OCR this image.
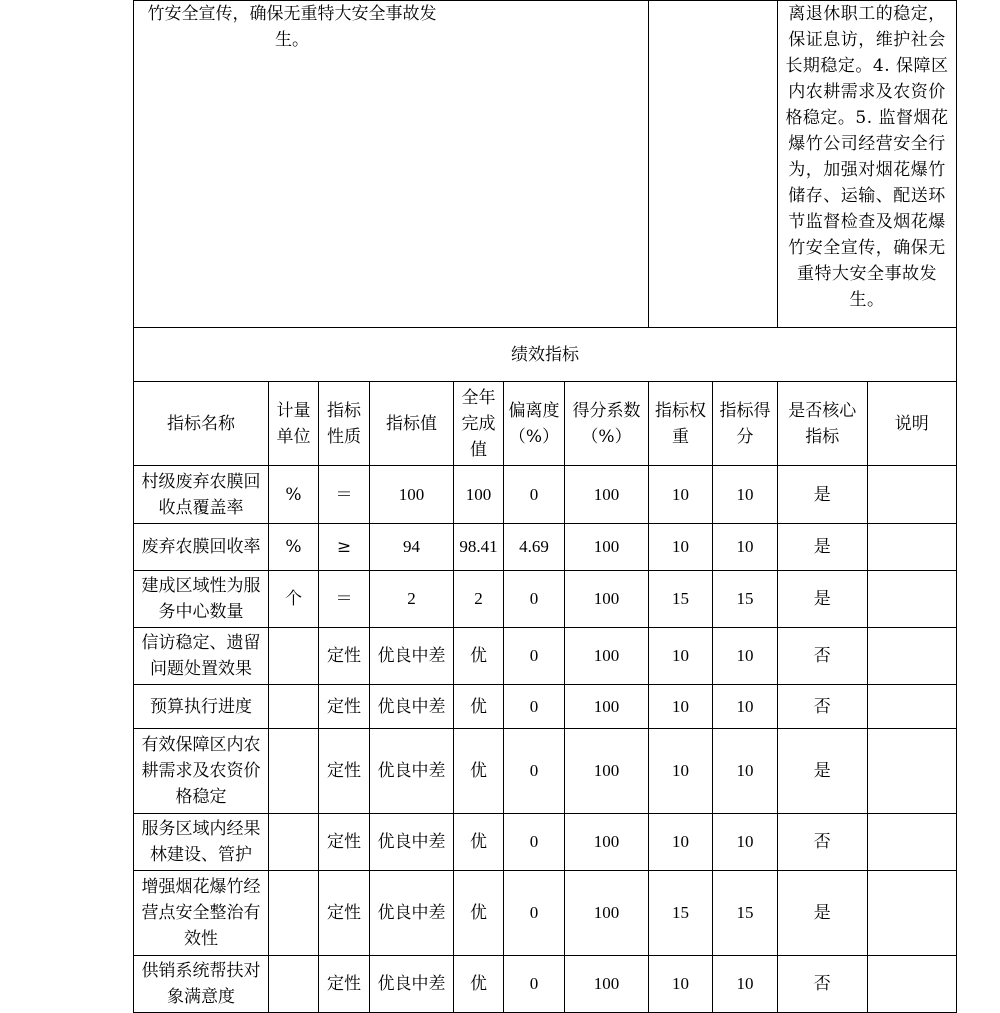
竹安全宣传，确保无重特大安全事故发生。									离退休职工的稳定，保证息访，维护社会长期稳定。4. 保障区内农耕需求及农资价格稳定。5. 监督烟花爆竹公司经营安全行为，加强对烟花爆竹储存、运输、配送环节监督检查及烟花爆竹安全宣传，确保无重特大安全事故发生。	

绩效指标										
指标名称	计量单位	指标性质	指标值	全年完成值	偏离度（%）	得分系数（%）	指标权重	指标得分	是否核心指标	说明
村级废弃农膜回收点覆盖率	%	＝	100	100	0	100	10	10	是	
废弃农膜回收率	%	≥	94	98.41	4.69	100	10	10	是	
建成区域性为服务中心数量	个	＝	2	2	0	100	15	15	是	
信访稳定、遗留问题处置效果		定性	优良中差	优	0	100	10	10	否	
预算执行进度		定性	优良中差	优	0	100	10	10	否	
有效保障区内农耕需求及农资价格稳定		定性	优良中差	优	0	100	10	10	是	
服务区域内经果林建设、管护		定性	优良中差	优	0	100	10	10	否	
增强烟花爆竹经营点安全整治有效性		定性	优良中差	优	0	100	15	15	是	
供销系统帮扶对象满意度		定性	优良中差	优	0	100	10	10	否	
